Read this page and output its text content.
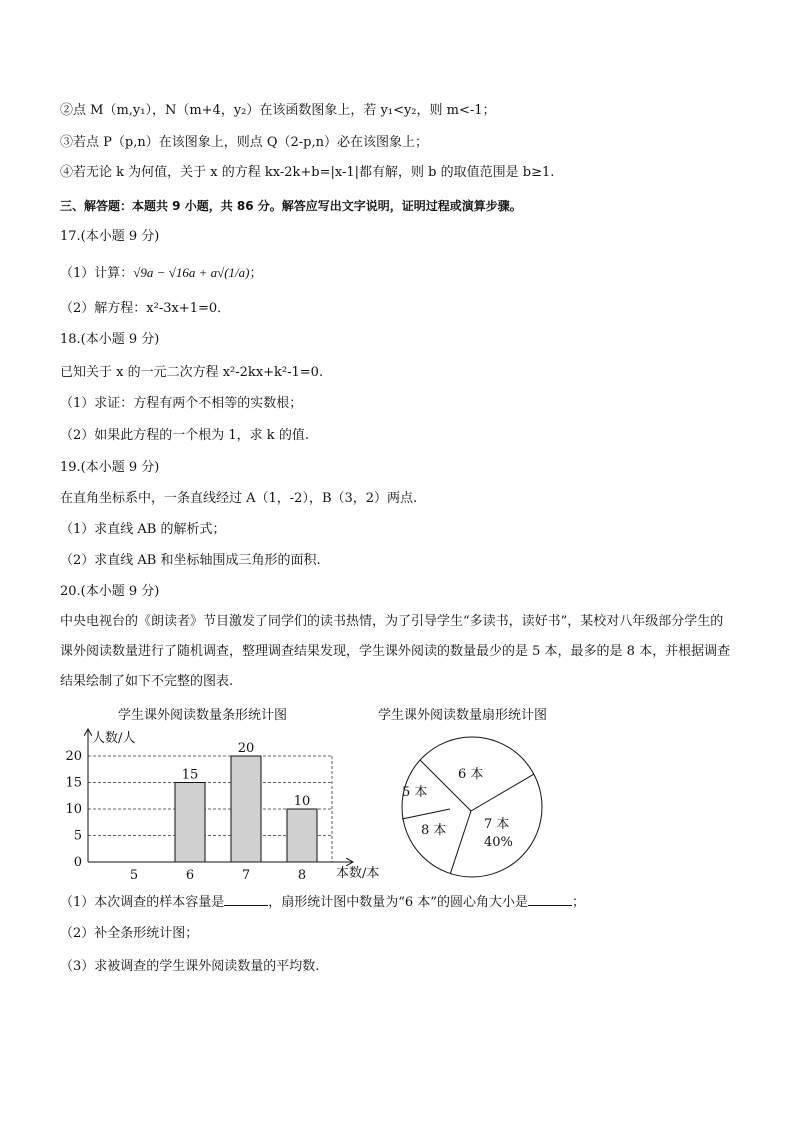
②点 M（m,y₁），N（m+4，y₂）在该函数图象上，若 y₁<y₂，则 m<-1；
③若点 P（p,n）在该图象上，则点 Q（2-p,n）必在该图象上；
④若无论 k 为何值，关于 x 的方程 kx-2k+b=|x-1|都有解，则 b 的取值范围是 b≥1.
三、解答题：本题共 9 小题，共 86 分。解答应写出文字说明，证明过程或演算步骤。
17.(本小题 9 分)
（1）计算：√9a − √16a + a√(1/a)；
（2）解方程：x²-3x+1=0．
18.(本小题 9 分)
已知关于 x 的一元二次方程 x²-2kx+k²-1=0.
（1）求证：方程有两个不相等的实数根；
（2）如果此方程的一个根为 1，求 k 的值.
19.(本小题 9 分)
在直角坐标系中，一条直线经过 A（1，-2），B（3，2）两点.
（1）求直线 AB 的解析式；
（2）求直线 AB 和坐标轴围成三角形的面积.
20.(本小题 9 分)
中央电视台的《朗读者》节目激发了同学们的读书热情，为了引导学生“多读书，读好书”，某校对八年级部分学生的课外阅读数量进行了随机调查，整理调查结果发现，学生课外阅读的数量最少的是 5 本，最多的是 8 本，并根据调查结果绘制了如下不完整的图表.
学生课外阅读数量条形统计图	学生课外阅读数量扇形统计图
15
20
10
0
5
10
15
20
5	6	7	8
人数/人
本数/本
6 本
5 本
8 本	7 本
40%
（1）本次调查的样本容量是	，扇形统计图中数量为“6 本”的圆心角大小是	；
（2）补全条形统计图；
（3）求被调查的学生课外阅读数量的平均数.
